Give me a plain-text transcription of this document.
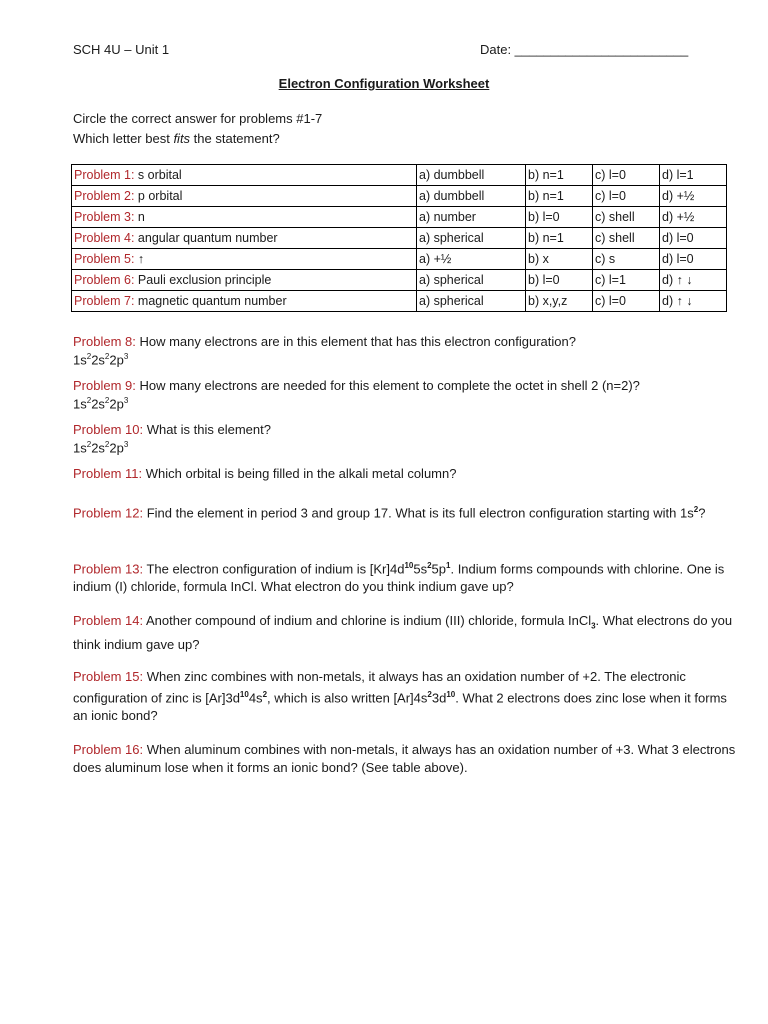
SCH 4U – Unit 1	Date: ________________________
Electron Configuration Worksheet
Circle the correct answer for problems #1-7
Which letter best fits the statement?
Problem 1: s orbital	a) dumbbell	b) n=1	c) l=0	d) l=1
Problem 2: p orbital	a) dumbbell	b) n=1	c) l=0	d) +½
Problem 3: n	a) number	b) l=0	c) shell	d) +½
Problem 4: angular quantum number	a) spherical	b) n=1	c) shell	d) l=0
Problem 5: ↑	a) +½	b) x	c) s	d) l=0
Problem 6: Pauli exclusion principle	a) spherical	b) l=0	c) l=1	d) ↑ ↓
Problem 7: magnetic quantum number	a) spherical	b) x,y,z	c) l=0	d) ↑ ↓
Problem 8: How many electrons are in this element that has this electron configuration?
$1s^22s^22p^3$
Problem 9: How many electrons are needed for this element to complete the octet in shell 2 (n=2)?
$1s^22s^22p^3$
Problem 10: What is this element?
$1s^22s^22p^3$
Problem 11: Which orbital is being filled in the alkali metal column?
Problem 12: Find the element in period 3 and group 17. What is its full electron configuration starting with $1s^2$?
Problem 13: The electron configuration of indium is $[Kr]4d^{10}5s^25p^1$. Indium forms compounds with chlorine. One is indium (I) chloride, formula InCl. What electron do you think indium gave up?
Problem 14: Another compound of indium and chlorine is indium (III) chloride, formula InCl$_3$. What electrons do you think indium gave up?
Problem 15: When zinc combines with non-metals, it always has an oxidation number of +2. The electronic configuration of zinc is $[Ar]3d^{10}4s^2$, which is also written $[Ar]4s^23d^{10}$. What 2 electrons does zinc lose when it forms an ionic bond?
Problem 16: When aluminum combines with non-metals, it always has an oxidation number of +3. What 3 electrons does aluminum lose when it forms an ionic bond? (See table above).
